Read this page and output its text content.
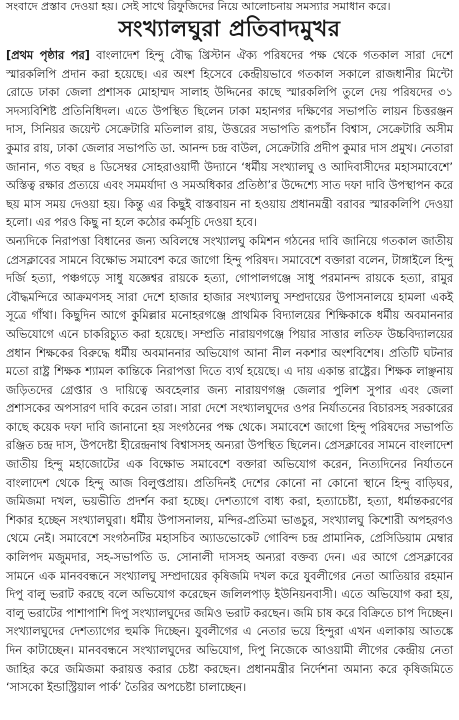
সংবাদে প্রস্তাব দেওয়া হয়। সেই সাথে রিফুজিদের নিয়ে আলোচনায় সমস্যার সমাধান করে।
সংখ্যালঘুরা প্রতিবাদমুখর

[প্রথম পৃষ্ঠার পর] বাংলাদেশ হিন্দু বৌদ্ধ খ্রিস্টান ঐক্য পরিষদের পক্ষ থেকে গতকাল সারা দেশে স্মারকলিপি প্রদান করা হয়েছে। এর অংশ হিসেবে কেন্দ্রীয়ভাবে গতকাল সকালে রাজধানীর মিন্টো রোডে ঢাকা জেলা প্রশাসক মোহাম্মদ সালাহ উদ্দিনের কাছে স্মারকলিপি তুলে দেয় পরিষদের ৩১ সদস্যবিশিষ্ট প্রতিনিধিদল। এতে উপস্থিত ছিলেন ঢাকা মহানগর দক্ষিণের সভাপতি লায়ন চিত্তরঞ্জন দাস, সিনিয়র জয়েন্ট সেক্রেটারি মতিলাল রায়, উত্তরের সভাপতি রূপচাঁন বিশ্বাস, সেক্রেটারি অসীম কুমার রায়, ঢাকা জেলার সভাপতি ডা. আনন্দ চন্দ্র বাউল, সেক্রেটারি প্রদীপ কুমার দাস প্রমুখ। নেতারা জানান, গত বছর ৪ ডিসেম্বর সোহরাওয়ার্দী উদ্যানে ‘ধর্মীয় সংখ্যালঘু ও আদিবাসীদের মহাসমাবেশে’ অস্তিত্ব রক্ষার প্রত্যয়ে এবং সমমর্যাদা ও সমঅধিকার প্রতিষ্ঠা’র উদ্দেশ্যে সাত দফা দাবি উপস্থাপন করে ছয় মাস সময় দেওয়া হয়। কিন্তু এর কিছুই বাস্তবায়ন না হওয়ায় প্রধানমন্ত্রী বরাবর স্মারকলিপি দেওয়া হলো। এর পরও কিছু না হলে কঠোর কর্মসূচি দেওয়া হবে।

অন্যদিকে নিরাপত্তা বিধানের জন্য অবিলম্বে সংখ্যালঘু কমিশন গঠনের দাবি জানিয়ে গতকাল জাতীয় প্রেসক্লাবের সামনে বিক্ষোভ সমাবেশ করে জাগো হিন্দু পরিষদ। সমাবেশে বক্তারা বলেন, টাঙ্গাইলে হিন্দু দর্জি হত্যা, পঞ্চগড়ে সাধু যজ্ঞেশ্বর রায়কে হত্যা, গোপালগঞ্জে সাধু পরমানন্দ রায়কে হত্যা, রামুর বৌদ্ধমন্দিরে আক্রমণসহ সারা দেশে হাজার হাজার সংখ্যালঘু সম্প্রদায়ের উপাসনালয়ে হামলা একই সূত্রে গাঁথা। কিছুদিন আগে কুমিল্লার মনোহরগঞ্জে প্রাথমিক বিদ্যালয়ের শিক্ষিকাকে ধর্মীয় অবমাননার অভিযোগে এনে চাকরিচ্যুত করা হয়েছে। সম্প্রতি নারায়ণগঞ্জে পিয়ার সাত্তার লতিফ উচ্চবিদ্যালয়ের প্রধান শিক্ষকের বিরুদ্ধে ধর্মীয় অবমাননার অভিযোগ আনা নীল নকশার অংশবিশেষ। প্রতিটি ঘটনার মতো রাষ্ট্র শিক্ষক শ্যামল কান্তিকে নিরাপত্তা দিতে ব্যর্থ হয়েছে। এ দায় একান্ত রাষ্ট্রের। শিক্ষক লাঞ্ছনায় জড়িতদের গ্রেপ্তার ও দায়িত্বে অবহেলার জন্য নারায়ণগঞ্জ জেলার পুলিশ সুপার এবং জেলা প্রশাসকের অপসারণ দাবি করেন তারা। সারা দেশে সংখ্যালঘুদের ওপর নির্যাতনের বিচারসহ সরকারের কাছে কয়েক দফা দাবি জানানো হয় সংগঠনের পক্ষ থেকে। সমাবেশে জাগো হিন্দু পরিষদের সভাপতি রঞ্জিত চন্দ্র দাস, উপদেষ্টা হীরেন্দ্রনাথ বিশ্বাসসহ অন্যরা উপস্থিত ছিলেন। প্রেসক্লাবের সামনে বাংলাদেশ জাতীয় হিন্দু মহাজোটের এক বিক্ষোভ সমাবেশে বক্তারা অভিযোগ করেন, নিত্যদিনের নির্যাতনে বাংলাদেশ থেকে হিন্দু আজ বিলুপ্তপ্রায়। প্রতিদিনই দেশের কোনো না কোনো স্থানে হিন্দু বাড়িঘর, জমিজমা দখল, ভয়ভীতি প্রদর্শন করা হচ্ছে। দেশত্যাগে বাধ্য করা, হত্যাচেষ্টা, হত্যা, ধর্মান্তকরণের শিকার হচ্ছেন সংখ্যালঘুরা। ধর্মীয় উপাসনালয়, মন্দির-প্রতিমা ভাঙচুর, সংখ্যালঘু কিশোরী অপহরণও থেমে নেই। সমাবেশে সংগঠনটির মহাসচিব অ্যাডভোকেট গোবিন্দ চন্দ্র প্রামানিক, প্রেসিডিয়াম মেম্বার কালিপদ মজুমদার, সহ-সভাপতি ড. সোনালী দাসসহ অন্যরা বক্তব্য দেন। এর আগে প্রেসক্লাবের সামনে এক মানববন্ধনে সংখ্যালঘু সম্প্রদায়ের কৃষিজমি দখল করে যুবলীগের নেতা আতিয়ার রহমান দিপু বালু ভরাট করছে বলে অভিযোগ করেছেন জলিলপাড় ইউনিয়নবাসী। এতে অভিযোগ করা হয়, বালু ভরাটের পাশাপাশি দিপু সংখ্যালঘুদের জমিও ভরাট করছেন। জমি চাষ করে বিক্রিতে চাপ দিচ্ছেন। সংখ্যালঘুদের দেশত্যাগের হুমকি দিচ্ছেন। যুবলীগের এ নেতার ভয়ে হিন্দুরা এখন এলাকায় আতঙ্কে দিন কাটাচ্ছেন। মানববন্ধনে সংখ্যালঘুদের অভিযোগ, দিপু নিজেকে আওয়ামী লীগের কেন্দ্রীয় নেতা জাহির করে জমিজমা করায়ত্ত করার চেষ্টা করছেন। প্রধানমন্ত্রীর নির্দেশনা অমান্য করে কৃষিজমিতে ‘সাসকো ইন্ডাস্ট্রিয়াল পার্ক’ তৈরির অপচেষ্টা চালাচ্ছেন।
